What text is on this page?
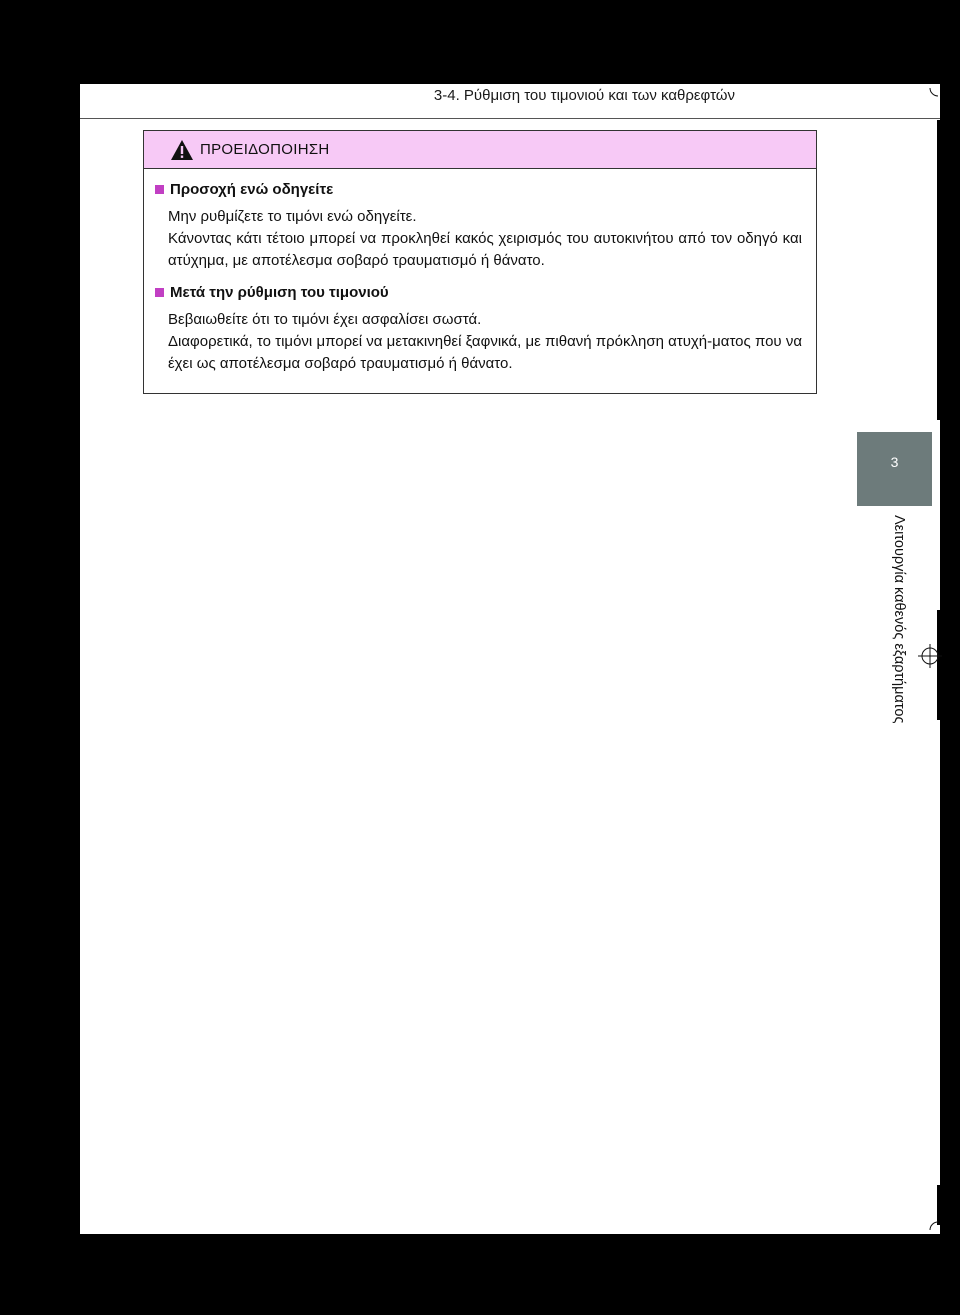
3-4. Ρύθμιση του τιμονιού και των καθρεφτών
ΠΡΟΕΙΔΟΠΟΙΗΣΗ
Προσοχή ενώ οδηγείτε
Μην ρυθμίζετε το τιμόνι ενώ οδηγείτε.
Κάνοντας κάτι τέτοιο μπορεί να προκληθεί κακός χειρισμός του αυτοκινήτου από τον οδηγό και ατύχημα, με αποτέλεσμα σοβαρό τραυματισμό ή θάνατο.
Μετά την ρύθμιση του τιμονιού
Βεβαιωθείτε ότι το τιμόνι έχει ασφαλίσει σωστά.
Διαφορετικά, το τιμόνι μπορεί να μετακινηθεί ξαφνικά, με πιθανή πρόκληση ατυχή-ματος που να έχει ως αποτέλεσμα σοβαρό τραυματισμό ή θάνατο.
3
Λειτουργία καθενός εξαρτήματος
